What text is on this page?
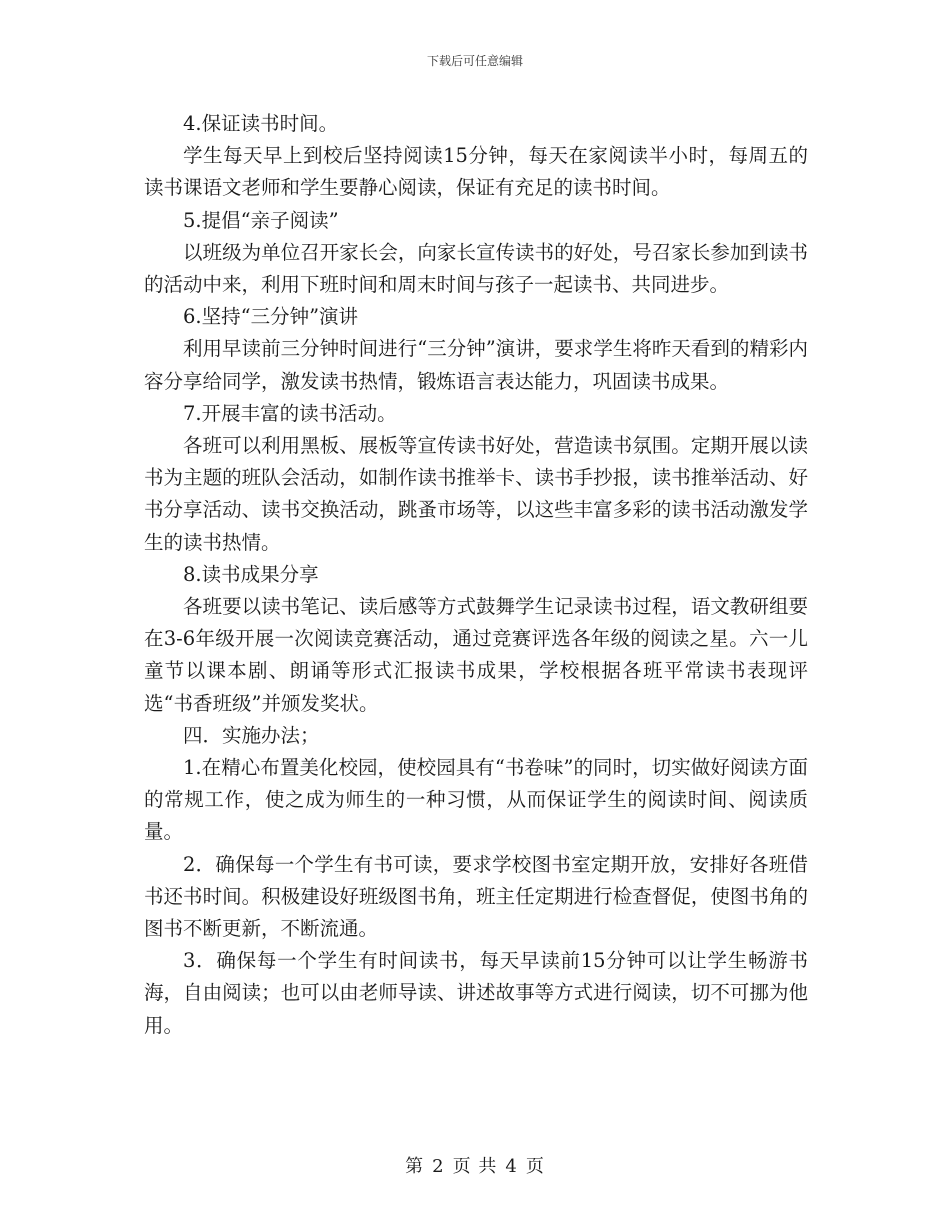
下载后可任意编辑

4.保证读书时间。

学生每天早上到校后坚持阅读15分钟，每天在家阅读半小时，每周五的读书课语文老师和学生要静心阅读，保证有充足的读书时间。

5.提倡“亲子阅读”

以班级为单位召开家长会，向家长宣传读书的好处，号召家长参加到读书的活动中来，利用下班时间和周末时间与孩子一起读书、共同进步。

6.坚持“三分钟”演讲

利用早读前三分钟时间进行“三分钟”演讲，要求学生将昨天看到的精彩内容分享给同学，激发读书热情，锻炼语言表达能力，巩固读书成果。

7.开展丰富的读书活动。

各班可以利用黑板、展板等宣传读书好处，营造读书氛围。定期开展以读书为主题的班队会活动，如制作读书推举卡、读书手抄报，读书推举活动、好书分享活动、读书交换活动，跳蚤市场等，以这些丰富多彩的读书活动激发学生的读书热情。

8.读书成果分享

各班要以读书笔记、读后感等方式鼓舞学生记录读书过程，语文教研组要在3-6年级开展一次阅读竞赛活动，通过竞赛评选各年级的阅读之星。六一儿童节以课本剧、朗诵等形式汇报读书成果，学校根据各班平常读书表现评选“书香班级”并颁发奖状。

四．实施办法；

1.在精心布置美化校园，使校园具有“书卷味”的同时，切实做好阅读方面的常规工作，使之成为师生的一种习惯，从而保证学生的阅读时间、阅读质量。

2．确保每一个学生有书可读，要求学校图书室定期开放，安排好各班借书还书时间。积极建设好班级图书角，班主任定期进行检查督促，使图书角的图书不断更新，不断流通。

3．确保每一个学生有时间读书，每天早读前15分钟可以让学生畅游书海，自由阅读；也可以由老师导读、讲述故事等方式进行阅读，切不可挪为他用。

第 2 页 共 4 页
